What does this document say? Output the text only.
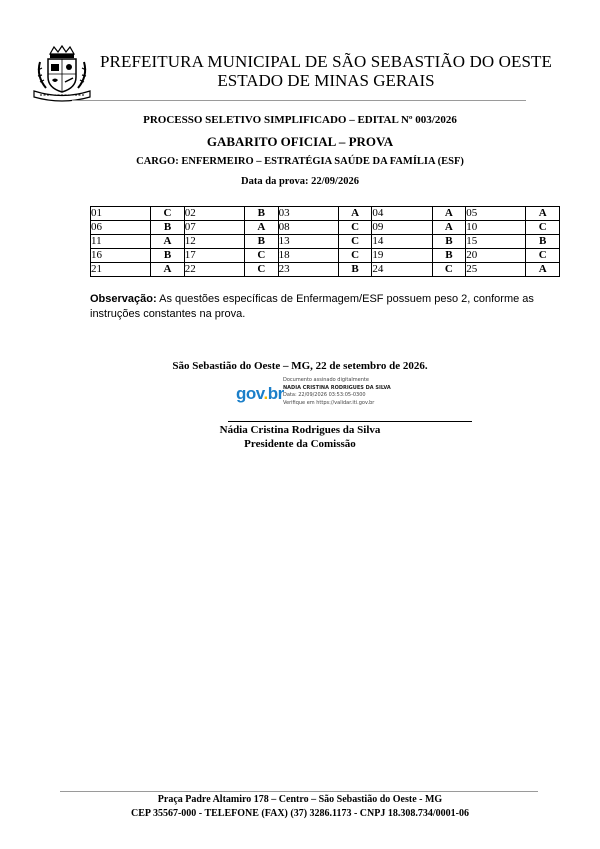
PREFEITURA MUNICIPAL DE SÃO SEBASTIÃO DO OESTE
ESTADO DE MINAS GERAIS
PROCESSO SELETIVO SIMPLIFICADO – EDITAL Nº 003/2026
GABARITO OFICIAL – PROVA
CARGO: ENFERMEIRO – ESTRATÉGIA SAÚDE DA FAMÍLIA (ESF)
Data da prova: 22/09/2026
01	C	02	B	03	A	04	A	05	A
06	B	07	A	08	C	09	A	10	C
11	A	12	B	13	C	14	B	15	B
16	B	17	C	18	C	19	B	20	C
21	A	22	C	23	B	24	C	25	A
Observação: As questões específicas de Enfermagem/ESF possuem peso 2, conforme as instruções constantes na prova.
São Sebastião do Oeste – MG, 22 de setembro de 2026.
gov.br
Documento assinado digitalmente
NADIA CRISTINA RODRIGUES DA SILVA
Data: 22/09/2026 03:53:05-0300
Verifique em https://validar.iti.gov.br
Nádia Cristina Rodrigues da Silva
Presidente da Comissão
Praça Padre Altamiro 178 – Centro – São Sebastião do Oeste - MG
CEP 35567-000 - TELEFONE (FAX) (37) 3286.1173 - CNPJ 18.308.734/0001-06
